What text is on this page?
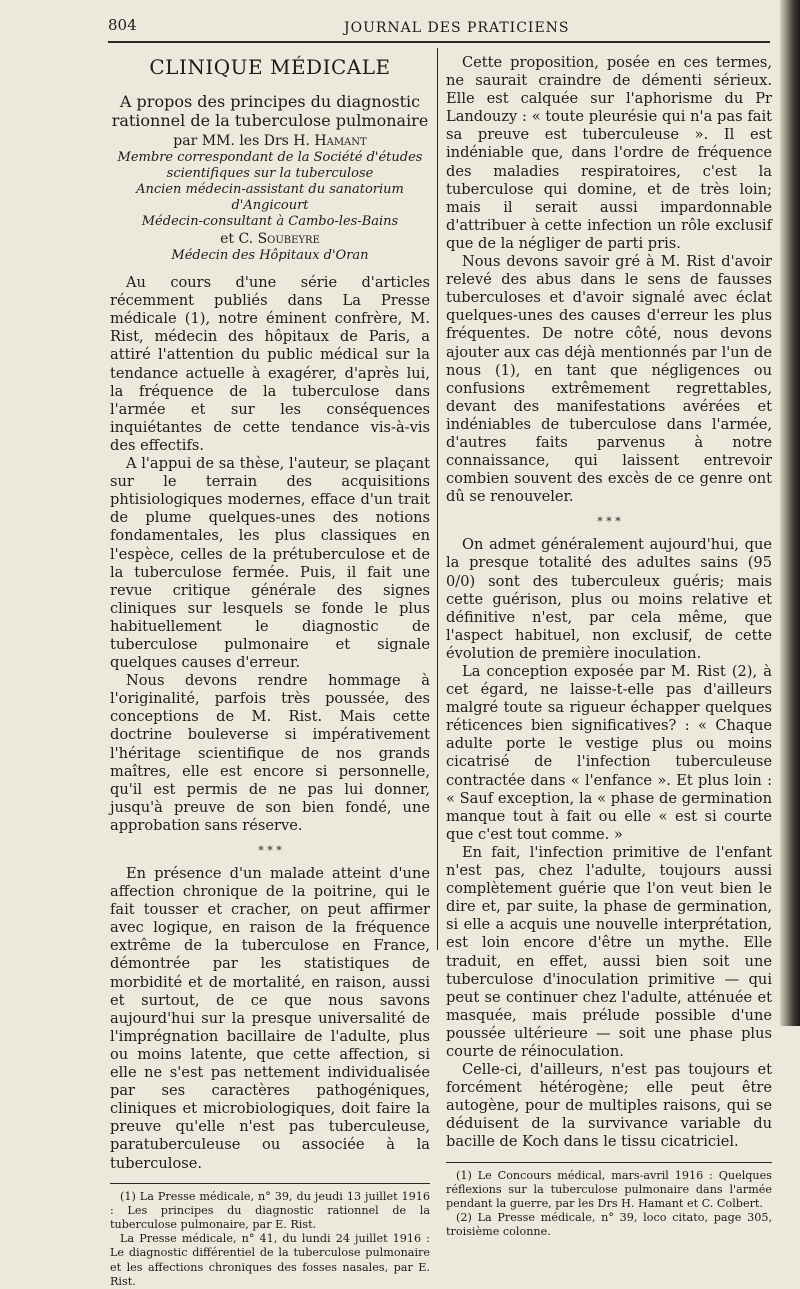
804	JOURNAL DES PRATICIENS
CLINIQUE MÉDICALE
A propos des principes du diagnostic rationnel de la tuberculose pulmonaire
par MM. les Drs H. Hamant
Membre correspondant de la Société d'études scientifiques sur la tuberculose
Ancien médecin-assistant du sanatorium d'Angicourt
Médecin-consultant à Cambo-les-Bains
et C. Soubeyre
Médecin des Hôpitaux d'Oran

Au cours d'une série d'articles récemment publiés dans La Presse médicale (1), notre éminent confrère, M. Rist, médecin des hôpitaux de Paris, a attiré l'attention du public médical sur la tendance actuelle à exagérer, d'après lui, la fréquence de la tuberculose dans l'armée et sur les conséquences inquiétantes de cette tendance vis-à-vis des effectifs.

A l'appui de sa thèse, l'auteur, se plaçant sur le terrain des acquisitions phtisiologiques modernes, efface d'un trait de plume quelques-unes des notions fondamentales, les plus classiques en l'espèce, celles de la prétuberculose et de la tuberculose fermée. Puis, il fait une revue critique générale des signes cliniques sur lesquels se fonde le plus habituellement le diagnostic de tuberculose pulmonaire et signale quelques causes d'erreur.

Nous devons rendre hommage à l'originalité, parfois très poussée, des conceptions de M. Rist. Mais cette doctrine bouleverse si impérativement l'héritage scientifique de nos grands maîtres, elle est encore si personnelle, qu'il est permis de ne pas lui donner, jusqu'à preuve de son bien fondé, une approbation sans réserve.

* * *

En présence d'un malade atteint d'une affection chronique de la poitrine, qui le fait tousser et cracher, on peut affirmer avec logique, en raison de la fréquence extrême de la tuberculose en France, démontrée par les statistiques de morbidité et de mortalité, en raison, aussi et surtout, de ce que nous savons aujourd'hui sur la presque universalité de l'imprégnation bacillaire de l'adulte, plus ou moins latente, que cette affection, si elle ne s'est pas nettement individualisée par ses caractères pathogéniques, cliniques et microbiologiques, doit faire la preuve qu'elle n'est pas tuberculeuse, paratuberculeuse ou associée à la tuberculose.

(1) La Presse médicale, n° 39, du jeudi 13 juillet 1916 : Les principes du diagnostic rationnel de la tuberculose pulmonaire, par E. Rist.

La Presse médicale, n° 41, du lundi 24 juillet 1916 : Le diagnostic différentiel de la tuberculose pulmonaire et les affections chroniques des fosses nasales, par E. Rist.

Cette proposition, posée en ces termes, ne saurait craindre de démenti sérieux. Elle est calquée sur l'aphorisme du Pr Landouzy : « toute pleurésie qui n'a pas fait sa preuve est tuberculeuse ». Il est indéniable que, dans l'ordre de fréquence des maladies respiratoires, c'est la tuberculose qui domine, et de très loin; mais il serait aussi impardonnable d'attribuer à cette infection un rôle exclusif que de la négliger de parti pris.

Nous devons savoir gré à M. Rist d'avoir relevé des abus dans le sens de fausses tuberculoses et d'avoir signalé avec éclat quelques-unes des causes d'erreur les plus fréquentes. De notre côté, nous devons ajouter aux cas déjà mentionnés par l'un de nous (1), en tant que négligences ou confusions extrêmement regrettables, devant des manifestations avérées et indéniables de tuberculose dans l'armée, d'autres faits parvenus à notre connaissance, qui laissent entrevoir combien souvent des excès de ce genre ont dû se renouveler.

* * *

On admet généralement aujourd'hui, que la presque totalité des adultes sains (95 0/0) sont des tuberculeux guéris; mais cette guérison, plus ou moins relative et définitive n'est, par cela même, que l'aspect habituel, non exclusif, de cette évolution de première inoculation.

La conception exposée par M. Rist (2), à cet égard, ne laisse-t-elle pas d'ailleurs malgré toute sa rigueur échapper quelques réticences bien significatives? : « Chaque adulte porte le vestige plus ou moins cicatrisé de l'infection tuberculeuse contractée dans « l'enfance ». Et plus loin : « Sauf exception, la « phase de germination manque tout à fait ou elle « est si courte que c'est tout comme. »

En fait, l'infection primitive de l'enfant n'est pas, chez l'adulte, toujours aussi complètement guérie que l'on veut bien le dire et, par suite, la phase de germination, si elle a acquis une nouvelle interprétation, est loin encore d'être un mythe. Elle traduit, en effet, aussi bien soit une tuberculose d'inoculation primitive — qui peut se continuer chez l'adulte, atténuée et masquée, mais prélude possible d'une poussée ultérieure — soit une phase plus courte de réinoculation.

Celle-ci, d'ailleurs, n'est pas toujours et forcément hétérogène; elle peut être autogène, pour de multiples raisons, qui se déduisent de la survivance variable du bacille de Koch dans le tissu cicatriciel.

(1) Le Concours médical, mars-avril 1916 : Quelques réflexions sur la tuberculose pulmonaire dans l'armée pendant la guerre, par les Drs H. Hamant et C. Colbert.

(2) La Presse médicale, n° 39, loco citato, page 305, troisième colonne.
